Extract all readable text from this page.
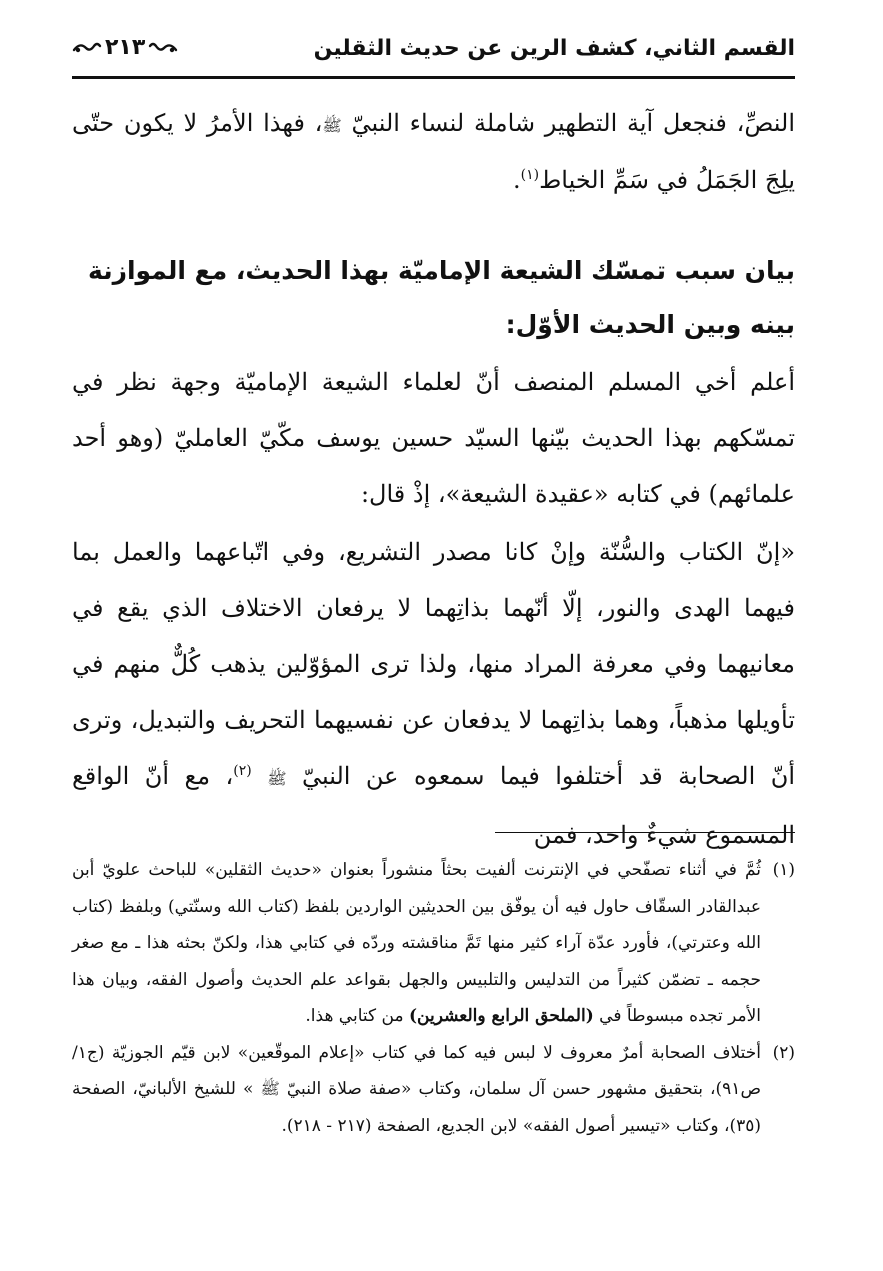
القسم الثاني، كشف الرين عن حديث الثقلين
٢١٣

النصِّ، فنجعل آية التطهير شاملة لنساء النبيّ ﷺ، فهذا الأمرُ لا يكون حتّى يلِجَ الجَمَلُ في سَمِّ الخياط$^{(١)}$.

بيان سبب تمسّك الشيعة الإماميّة بهذا الحديث، مع الموازنة بينه وبين الحديث الأوّل:

أعلم أخي المسلم المنصف أنّ لعلماء الشيعة الإماميّة وجهة نظر في تمسّكهم بهذا الحديث بيّنها السيّد حسين يوسف مكّيّ العامليّ (وهو أحد علمائهم) في كتابه «عقيدة الشيعة»، إذْ قال:

«إنّ الكتاب والسُّنّة وإنْ كانا مصدر التشريع، وفي اتّباعهما والعمل بما فيهما الهدى والنور، إلّا أنّهما بذاتِهما لا يرفعان الاختلاف الذي يقع في معانيهما وفي معرفة المراد منها، ولذا ترى المؤوّلين يذهب كُلٌّ منهم في تأويلها مذهباً، وهما بذاتِهما لا يدفعان عن نفسيهما التحريف والتبديل، وترى أنّ الصحابة قد أختلفوا فيما سمعوه عن النبيّ ﷺ $^{(٢)}$، مع أنّ الواقع المسموع شيءٌ واحد، فمن

(١)
ثُمَّ في أثناء تصفّحي في الإنترنت ألفيت بحثاً منشوراً بعنوان «حديث الثقلين» للباحث علويّ أبن عبدالقادر السقّاف حاول فيه أن يوفّق بين الحديثين الواردين بلفظ (كتاب الله وسنّتي) وبلفظ (كتاب الله وعترتي)، فأورد عدّة آراء كثير منها تَمَّ مناقشته وردّه في كتابي هذا، ولكنّ بحثه هذا ـ مع صغر حجمه ـ تضمّن كثيراً من التدليس والتلبيس والجهل بقواعد علم الحديث وأصول الفقه، وبيان هذا الأمر تجده مبسوطاً في (الملحق الرابع والعشرين) من كتابي هذا.

(٢)
أختلاف الصحابة أمرٌ معروف لا لبس فيه كما في كتاب «إعلام الموقّعين» لابن قيّم الجوزيّة (ج١/ ص٩١)، بتحقيق مشهور حسن آل سلمان، وكتاب «صفة صلاة النبيّ ﷺ » للشيخ الألبانيّ، الصفحة (٣٥)، وكتاب «تيسير أصول الفقه» لابن الجديع، الصفحة (٢١٧ - ٢١٨).
